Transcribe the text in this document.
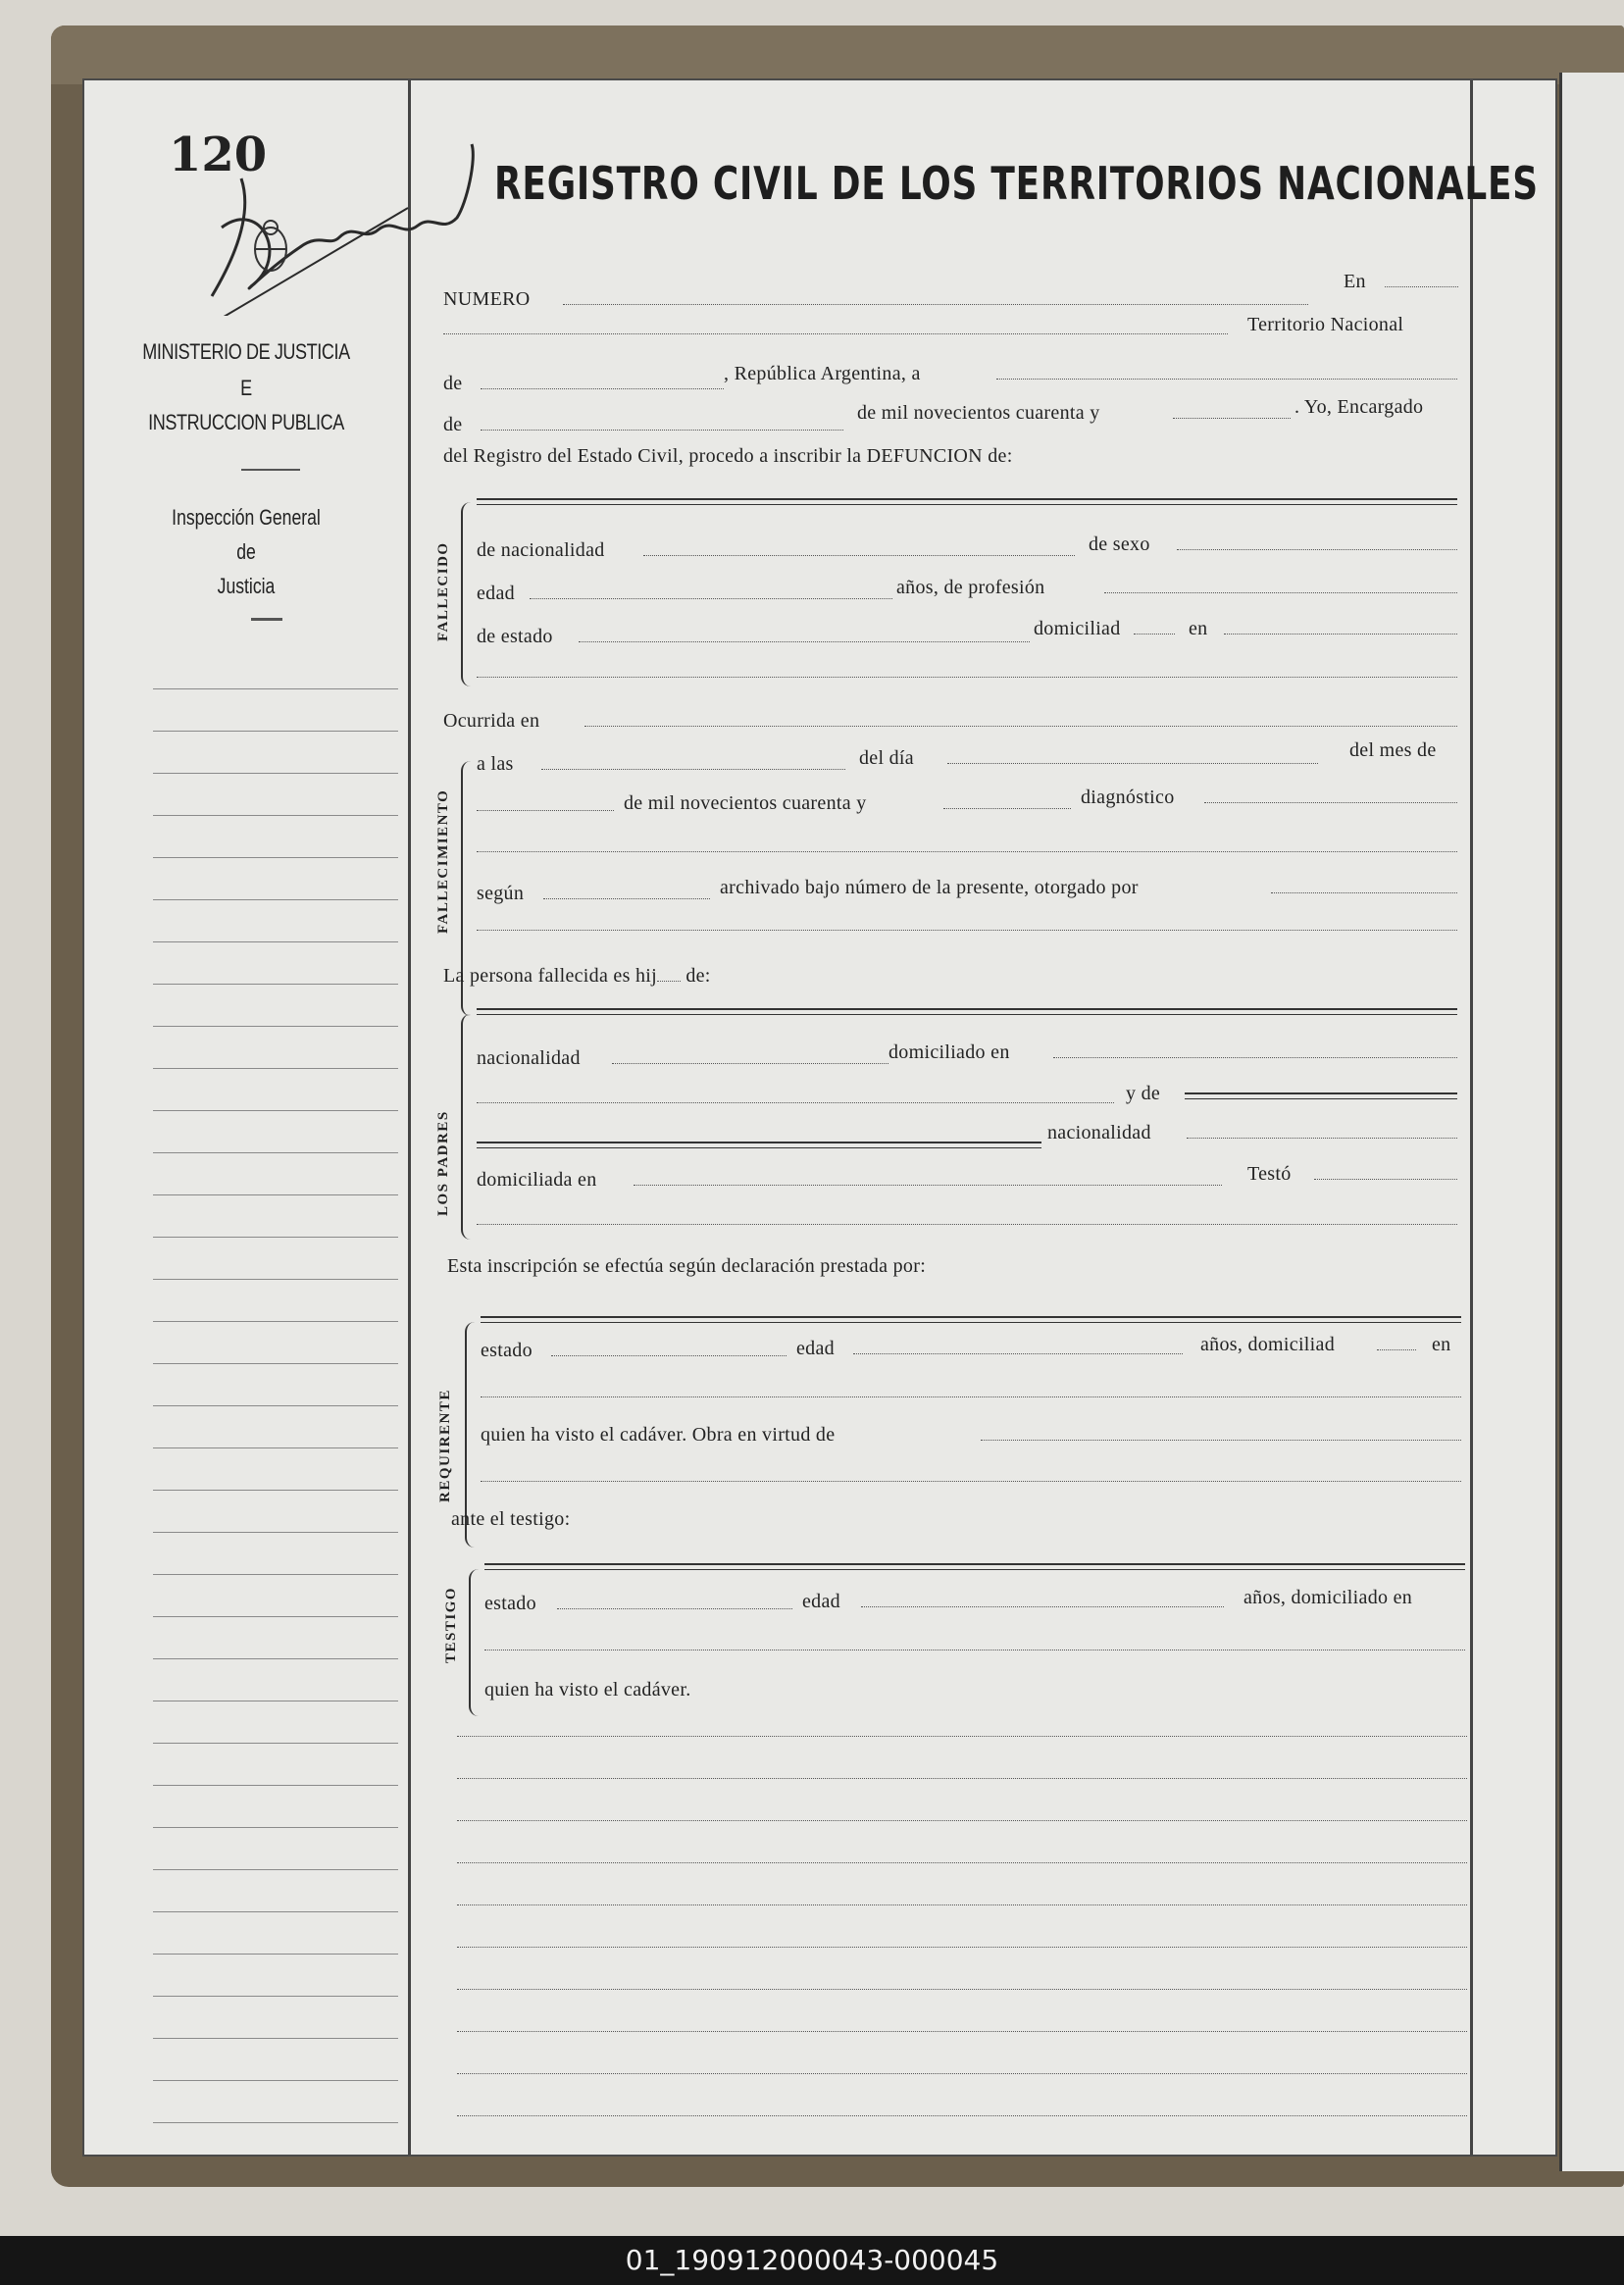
120
MINISTERIO DE JUSTICIA
E
INSTRUCCION PUBLICA
Inspección General
de
Justicia
REGISTRO CIVIL DE LOS TERRITORIOS NACIONALES
NUMERO
En
Territorio Nacional
de	, República Argentina, a
de
de mil novecientos cuarenta y	. Yo, Encargado
del Registro del Estado Civil, procedo a inscribir la DEFUNCION de:
FALLECIDO de nacionalidad	de sexo
edad	años, de profesión
de estado	domiciliad	en
Ocurrida en
FALLECIMIENTO
a las	del día	del mes de
de mil novecientos cuarenta y	diagnóstico
según	archivado bajo número de la presente, otorgado por
La persona fallecida es hij de:
LOS PADRES
nacionalidad	domiciliado en
y de
nacionalidad
domiciliada en	Testó
Esta inscripción se efectúa según declaración prestada por:
REQUIRENTE
estado	edad	años, domiciliad	en
quien ha visto el cadáver. Obra en virtud de
ante el testigo:
TESTIGO estado	edad	años, domiciliado en
quien ha visto el cadáver.
01_190912000043-000045
